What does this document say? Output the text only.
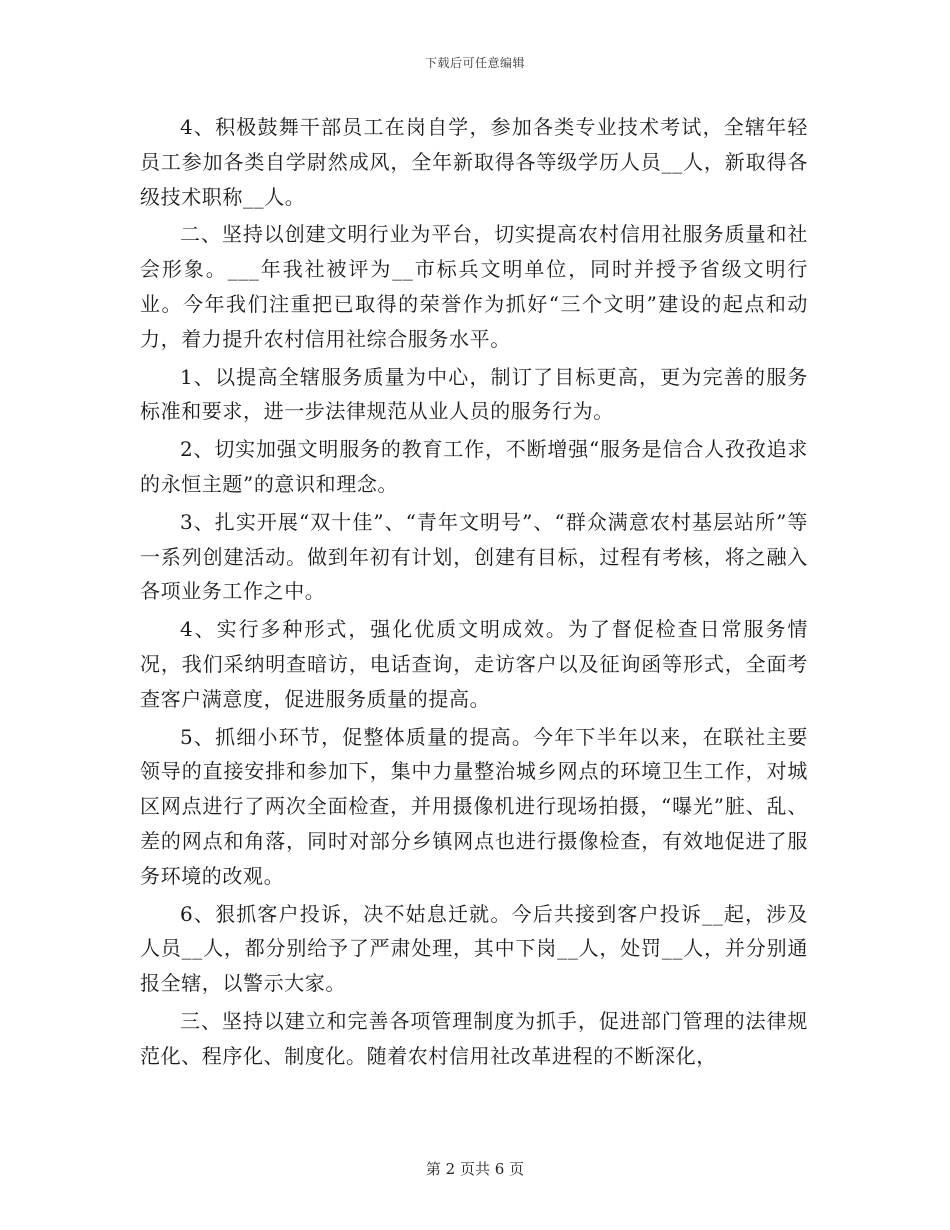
下载后可任意编辑

4、积极鼓舞干部员工在岗自学，参加各类专业技术考试，全辖年轻员工参加各类自学尉然成风，全年新取得各等级学历人员__人，新取得各级技术职称__人。

二、坚持以创建文明行业为平台，切实提高农村信用社服务质量和社会形象。___年我社被评为__市标兵文明单位，同时并授予省级文明行业。今年我们注重把已取得的荣誉作为抓好“三个文明”建设的起点和动力，着力提升农村信用社综合服务水平。

1、以提高全辖服务质量为中心，制订了目标更高，更为完善的服务标准和要求，进一步法律规范从业人员的服务行为。

2、切实加强文明服务的教育工作，不断增强“服务是信合人孜孜追求的永恒主题”的意识和理念。

3、扎实开展“双十佳”、“青年文明号”、“群众满意农村基层站所”等一系列创建活动。做到年初有计划，创建有目标，过程有考核，将之融入各项业务工作之中。

4、实行多种形式，强化优质文明成效。为了督促检查日常服务情况，我们采纳明查暗访，电话查询，走访客户以及征询函等形式，全面考查客户满意度，促进服务质量的提高。

5、抓细小环节，促整体质量的提高。今年下半年以来，在联社主要领导的直接安排和参加下，集中力量整治城乡网点的环境卫生工作，对城区网点进行了两次全面检查，并用摄像机进行现场拍摄，“曝光”脏、乱、差的网点和角落，同时对部分乡镇网点也进行摄像检查，有效地促进了服务环境的改观。

6、狠抓客户投诉，决不姑息迁就。今后共接到客户投诉__起，涉及人员__人，都分别给予了严肃处理，其中下岗__人，处罚__人，并分别通报全辖，以警示大家。

三、坚持以建立和完善各项管理制度为抓手，促进部门管理的法律规范化、程序化、制度化。随着农村信用社改革进程的不断深化，

第 2 页共 6 页
